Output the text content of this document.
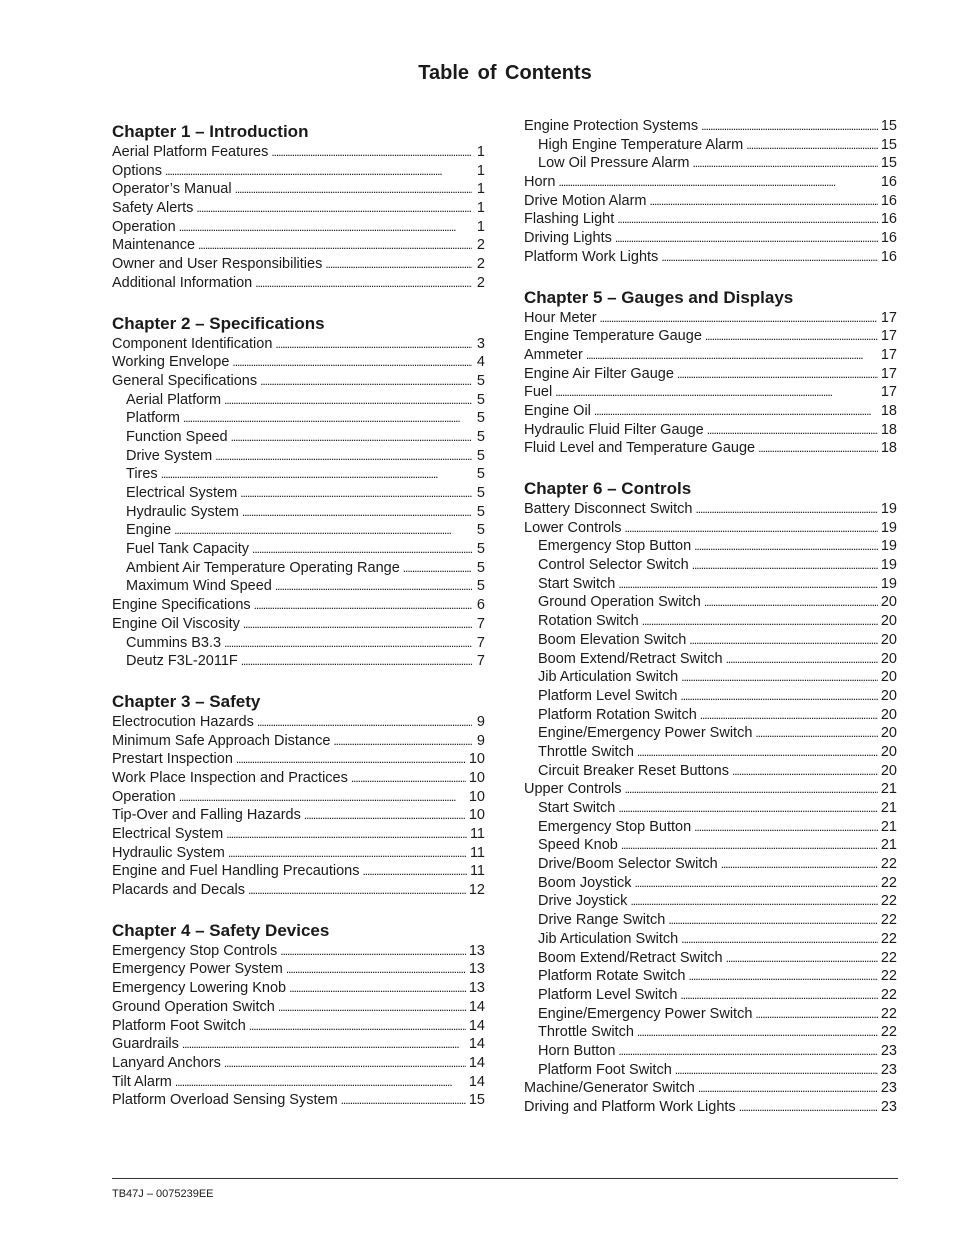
Table of Contents
Chapter 1 – Introduction
Aerial Platform Features . . .	1
Options . . .	1
Operator’s Manual . . .	1
Safety Alerts . . .	1
Operation . . .	1
Maintenance . . .	2
Owner and User Responsibilities . . .	2
Additional Information . . .	2
Chapter 2 – Specifications
Component Identification . . .	3
Working Envelope . . .	4
General Specifications . . .	5
Aerial Platform . . .	5
Platform . . .	5
Function Speed . . .	5
Drive System . . .	5
Tires . . .	5
Electrical System . . .	5
Hydraulic System . . .	5
Engine . . .	5
Fuel Tank Capacity . . .	5
Ambient Air Temperature Operating Range . . .	5
Maximum Wind Speed . . .	5
Engine Specifications . . .	6
Engine Oil Viscosity . . .	7
Cummins B3.3 . . .	7
Deutz F3L-2011F . . .	7
Chapter 3 – Safety
Electrocution Hazards . . .	9
Minimum Safe Approach Distance . . .	9
Prestart Inspection . . .	10
Work Place Inspection and Practices . . .	10
Operation . . .	10
Tip-Over and Falling Hazards . . .	10
Electrical System . . .	11
Hydraulic System . . .	11
Engine and Fuel Handling Precautions . . .	11
Placards and Decals . . .	12
Chapter 4 – Safety Devices
Emergency Stop Controls . . .	13
Emergency Power System . . .	13
Emergency Lowering Knob . . .	13
Ground Operation Switch . . .	14
Platform Foot Switch . . .	14
Guardrails . . .	14
Lanyard Anchors . . .	14
Tilt Alarm . . .	14
Platform Overload Sensing System . . .	15
Engine Protection Systems . . .	15
High Engine Temperature Alarm . . .	15
Low Oil Pressure Alarm . . .	15
Horn . . .	16
Drive Motion Alarm . . .	16
Flashing Light . . .	16
Driving Lights . . .	16
Platform Work Lights . . .	16
Chapter 5 – Gauges and Displays
Hour Meter . . .	17
Engine Temperature Gauge . . .	17
Ammeter . . .	17
Engine Air Filter Gauge . . .	17
Fuel . . .	17
Engine Oil . . .	18
Hydraulic Fluid Filter Gauge . . .	18
Fluid Level and Temperature Gauge . . .	18
Chapter 6 – Controls
Battery Disconnect Switch . . .	19
Lower Controls . . .	19
Emergency Stop Button . . .	19
Control Selector Switch . . .	19
Start Switch . . .	19
Ground Operation Switch . . .	20
Rotation Switch . . .	20
Boom Elevation Switch . . .	20
Boom Extend/Retract Switch . . .	20
Jib Articulation Switch . . .	20
Platform Level Switch . . .	20
Platform Rotation Switch . . .	20
Engine/Emergency Power Switch . . .	20
Throttle Switch . . .	20
Circuit Breaker Reset Buttons . . .	20
Upper Controls . . .	21
Start Switch . . .	21
Emergency Stop Button . . .	21
Speed Knob . . .	21
Drive/Boom Selector Switch . . .	22
Boom Joystick . . .	22
Drive Joystick . . .	22
Drive Range Switch . . .	22
Jib Articulation Switch . . .	22
Boom Extend/Retract Switch . . .	22
Platform Rotate Switch . . .	22
Platform Level Switch . . .	22
Engine/Emergency Power Switch . . .	22
Throttle Switch . . .	22
Horn Button . . .	23
Platform Foot Switch . . .	23
Machine/Generator Switch . . .	23
Driving and Platform Work Lights . . .	23
TB47J – 0075239EE
